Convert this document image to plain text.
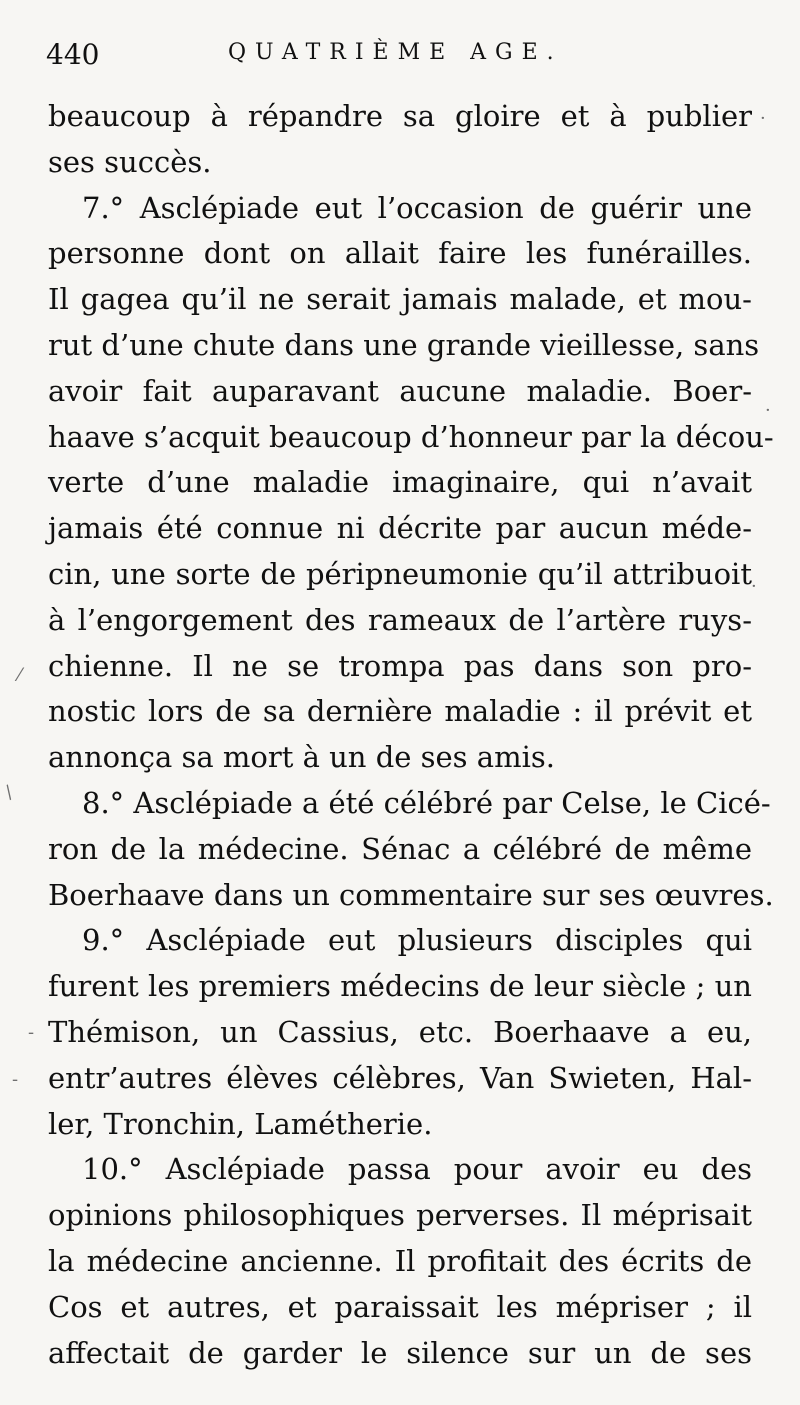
440	QUATRIÈME AGE.
beaucoup à répandre sa gloire et à publier
ses succès.
7.° Asclépiade eut l’occasion de guérir une
personne dont on allait faire les funérailles.
Il gagea qu’il ne serait jamais malade, et mou-
rut d’une chute dans une grande vieillesse, sans
avoir fait auparavant aucune maladie. Boer-
haave s’acquit beaucoup d’honneur par la décou-
verte d’une maladie imaginaire, qui n’avait
jamais été connue ni décrite par aucun méde-
cin, une sorte de péripneumonie qu’il attribuoit
à l’engorgement des rameaux de l’artère ruys-
chienne. Il ne se trompa pas dans son pro-
nostic lors de sa dernière maladie : il prévit et
annonça sa mort à un de ses amis.
8.° Asclépiade a été célébré par Celse, le Cicé-
ron de la médecine. Sénac a célébré de même
Boerhaave dans un commentaire sur ses œuvres.
9.° Asclépiade eut plusieurs disciples qui
furent les premiers médecins de leur siècle ; un
Thémison, un Cassius, etc. Boerhaave a eu,
entr’autres élèves célèbres, Van Swieten, Hal-
ler, Tronchin, Lamétherie.
10.° Asclépiade passa pour avoir eu des
opinions philosophiques perverses. Il méprisait
la médecine ancienne. Il profitait des écrits de
Cos et autres, et paraissait les mépriser ; il
affectait de garder le silence sur un de ses
⁄
/
-
-
·
·
·
